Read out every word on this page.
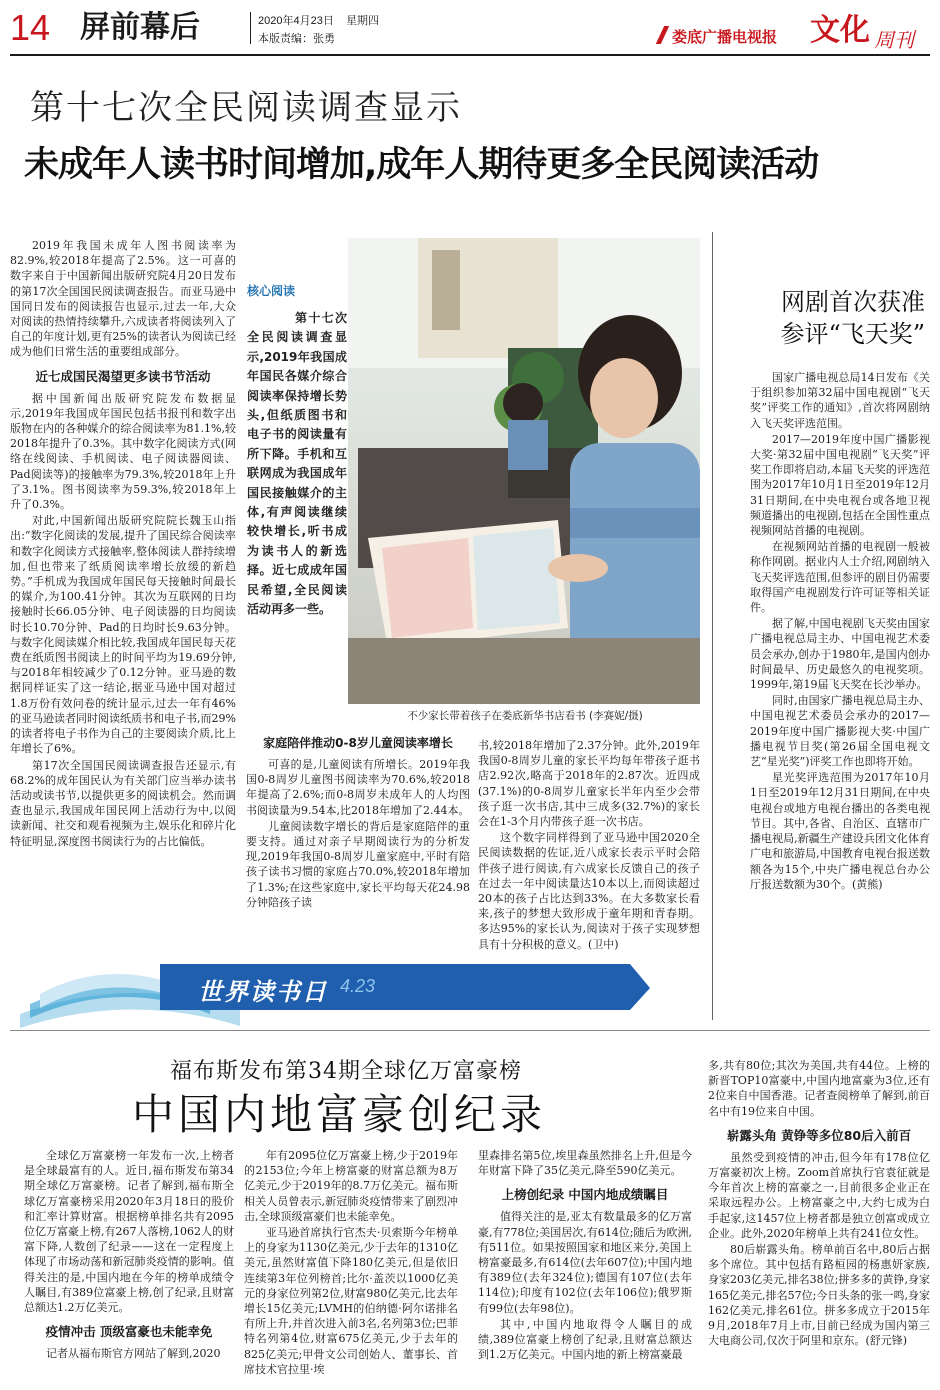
14 屏前幕后	2020年4月23日 星期四
本版责编：张勇	娄底广播电视报 文化 周刊
第十七次全民阅读调查显示
未成年人读书时间增加,成年人期待更多全民阅读活动

2019年我国未成年人图书阅读率为82.9%,较2018年提高了2.5%。这一可喜的数字来自于中国新闻出版研究院4月20日发布的第17次全国国民阅读调查报告。而亚马逊中国同日发布的阅读报告也显示,过去一年,大众对阅读的热情持续攀升,六成读者将阅读列入了自己的年度计划,更有25%的读者认为阅读已经成为他们日常生活的重要组成部分。

近七成国民渴望更多读书节活动

据中国新闻出版研究院发布数据显示,2019年我国成年国民包括书报刊和数字出版物在内的各种媒介的综合阅读率为81.1%,较2018年提升了0.3%。其中数字化阅读方式(网络在线阅读、手机阅读、电子阅读器阅读、Pad阅读等)的接触率为79.3%,较2018年上升了3.1%。图书阅读率为59.3%,较2018年上升了0.3%。

对此,中国新闻出版研究院院长魏玉山指出:“数字化阅读的发展,提升了国民综合阅读率和数字化阅读方式接触率,整体阅读人群持续增加,但也带来了纸质阅读率增长放缓的新趋势。”手机成为我国成年国民每天接触时间最长的媒介,为100.41分钟。其次为互联网的日均接触时长66.05分钟、电子阅读器的日均阅读时长10.70分钟、Pad的日均时长9.63分钟。与数字化阅读媒介相比较,我国成年国民每天花费在纸质图书阅读上的时间平均为19.69分钟,与2018年相较减少了0.12分钟。亚马逊的数据同样证实了这一结论,据亚马逊中国对超过1.8万份有效问卷的统计显示,过去一年有46%的亚马逊读者同时阅读纸质书和电子书,而29%的读者将电子书作为自己的主要阅读介质,比上年增长了6%。

第17次全国国民阅读调查报告还显示,有68.2%的成年国民认为有关部门应当举办读书活动或读书节,以提供更多的阅读机会。然而调查也显示,我国成年国民网上活动行为中,以阅读新闻、社交和观看视频为主,娱乐化和碎片化特征明显,深度图书阅读行为的占比偏低。

核心阅读
第十七次全民阅读调查显示,2019年我国成年国民各媒介综合阅读率保持增长势头,但纸质图书和电子书的阅读量有所下降。手机和互联网成为我国成年国民接触媒介的主体,有声阅读继续较快增长,听书成为读书人的新选择。近七成成年国民希望,全民阅读活动再多一些。
不少家长带着孩子在娄底新华书店看书 (李赛妮/摄)
家庭陪伴推动0-8岁儿童阅读率增长

可喜的是,儿童阅读有所增长。2019年我国0-8周岁儿童图书阅读率为70.6%,较2018年提高了2.6%;而0-8周岁未成年人的人均图书阅读量为9.54本,比2018年增加了2.44本。

儿童阅读数字增长的背后是家庭陪伴的重要支持。通过对亲子早期阅读行为的分析发现,2019年我国0-8周岁儿童家庭中,平时有陪孩子读书习惯的家庭占70.0%,较2018年增加了1.3%;在这些家庭中,家长平均每天花24.98分钟陪孩子读

书,较2018年增加了2.37分钟。此外,2019年我国0-8周岁儿童的家长平均每年带孩子逛书店2.92次,略高于2018年的2.87次。近四成(37.1%)的0-8周岁儿童家长半年内至少会带孩子逛一次书店,其中三成多(32.7%)的家长会在1-3个月内带孩子逛一次书店。

这个数字同样得到了亚马逊中国2020全民阅读数据的佐证,近八成家长表示平时会陪伴孩子进行阅读,有六成家长反馈自己的孩子在过去一年中阅读量达10本以上,而阅读超过20本的孩子占比达到33%。在大多数家长看来,孩子的梦想大致形成于童年期和青春期。多达95%的家长认为,阅读对于孩子实现梦想具有十分积极的意义。(卫中)

网剧首次获准
参评“飞天奖”

国家广播电视总局14日发布《关于组织参加第32届中国电视剧“飞天奖”评奖工作的通知》,首次将网剧纳入飞天奖评选范围。

2017—2019年度中国广播影视大奖·第32届中国电视剧“飞天奖”评奖工作即将启动,本届飞天奖的评选范围为2017年10月1日至2019年12月31日期间,在中央电视台或各地卫视频道播出的电视剧,包括在全国性重点视频网站首播的电视剧。

在视频网站首播的电视剧一般被称作网剧。据业内人士介绍,网剧纳入飞天奖评选范围,但参评的剧目仍需要取得国产电视剧发行许可证等相关证件。

据了解,中国电视剧飞天奖由国家广播电视总局主办、中国电视艺术委员会承办,创办于1980年,是国内创办时间最早、历史最悠久的电视奖项。1999年,第19届飞天奖在长沙举办。

同时,由国家广播电视总局主办、中国电视艺术委员会承办的2017—2019年度中国广播影视大奖·中国广播电视节目奖(第26届全国电视文艺“星光奖”)评奖工作也即将开始。

星光奖评选范围为2017年10月1日至2019年12月31日期间,在中央电视台或地方电视台播出的各类电视节目。其中,各省、自治区、直辖市广播电视局,新疆生产建设兵团文化体育广电和旅游局,中国教育电视台报送数额各为15个,中央广播电视总台办公厅报送数额为30个。(黄熊)

世界读书日 4.23
福布斯发布第34期全球亿万富豪榜
中国内地富豪创纪录

全球亿万富豪榜一年发布一次,上榜者是全球最富有的人。近日,福布斯发布第34期全球亿万富豪榜。记者了解到,福布斯全球亿万富豪榜采用2020年3月18日的股价和汇率计算财富。根据榜单排名共有2095位亿万富豪上榜,有267人落榜,1062人的财富下降,人数创了纪录——这在一定程度上体现了市场动荡和新冠肺炎疫情的影响。值得关注的是,中国内地在今年的榜单成绩令人瞩目,有389位富豪上榜,创了纪录,且财富总额达1.2万亿美元。

疫情冲击 顶级富豪也未能幸免

记者从福布斯官方网站了解到,2020

年有2095位亿万富豪上榜,少于2019年的2153位;今年上榜富豪的财富总额为8万亿美元,少于2019年的8.7万亿美元。福布斯相关人员曾表示,新冠肺炎疫情带来了剧烈冲击,全球顶级富豪们也未能幸免。

亚马逊首席执行官杰夫·贝索斯今年榜单上的身家为1130亿美元,少于去年的1310亿美元,虽然财富值下降180亿美元,但是依旧连续第3年位列榜首;比尔·盖茨以1000亿美元的身家位列第2位,财富980亿美元,比去年增长15亿美元;LVMH的伯纳德·阿尔诺排名有所上升,并首次进入前3名,名列第3位;巴菲特名列第4位,财富675亿美元,少于去年的825亿美元;甲骨文公司创始人、董事长、首席技术官拉里·埃

里森排名第5位,埃里森虽然排名上升,但是今年财富下降了35亿美元,降至590亿美元。

上榜创纪录 中国内地成绩瞩目

值得关注的是,亚太有数量最多的亿万富豪,有778位;美国居次,有614位;随后为欧洲,有511位。如果按照国家和地区来分,美国上榜富豪最多,有614位(去年607位);中国内地有389位(去年324位);德国有107位(去年114位);印度有102位(去年106位);俄罗斯有99位(去年98位)。

其中,中国内地取得令人瞩目的成绩,389位富豪上榜创了纪录,且财富总额达到1.2万亿美元。中国内地的新上榜富豪最

多,共有80位;其次为美国,共有44位。上榜的新晋TOP10富豪中,中国内地富豪为3位,还有2位来自中国香港。记者查阅榜单了解到,前百名中有19位来自中国。

崭露头角 黄铮等多位80后入前百

虽然受到疫情的冲击,但今年有178位亿万富豪初次上榜。Zoom首席执行官袁征就是今年首次上榜的富豪之一,目前很多企业正在采取远程办公。上榜富豪之中,大约七成为白手起家,这1457位上榜者都是独立创富或成立企业。此外,2020年榜单上共有241位女性。

80后崭露头角。榜单前百名中,80后占据多个席位。其中包括有路桓园的杨惠妍家族,身家203亿美元,排名38位;拼多多的黄铮,身家165亿美元,排名57位;今日头条的张一鸣,身家162亿美元,排名61位。拼多多成立于2015年9月,2018年7月上市,目前已经成为国内第三大电商公司,仅次于阿里和京东。(舒元锋)
